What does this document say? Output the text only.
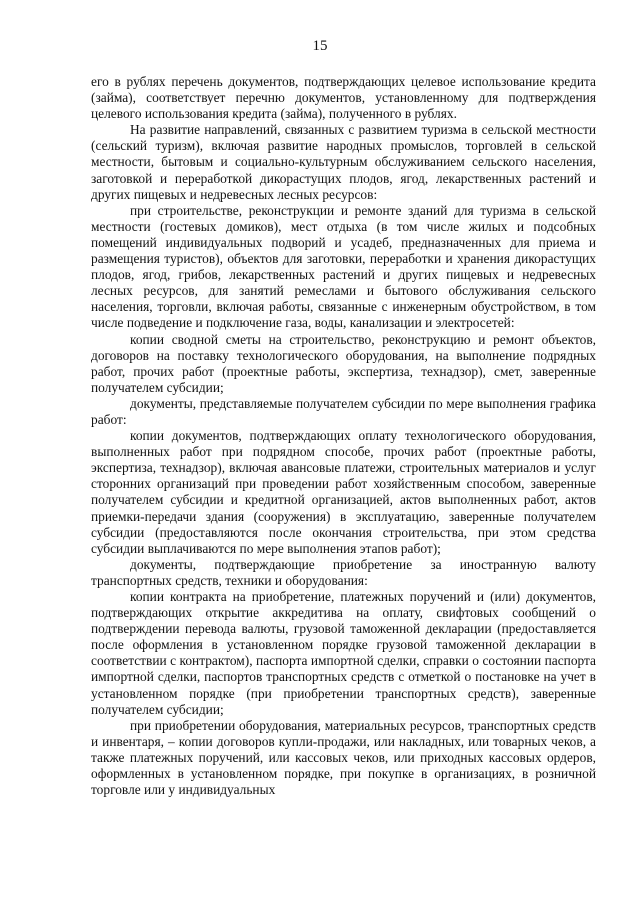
15

его в рублях перечень документов, подтверждающих целевое использование кредита (займа), соответствует перечню документов, установленному для подтверждения целевого использования кредита (займа), полученного в рублях.

На развитие направлений, связанных с развитием туризма в сельской местности (сельский туризм), включая развитие народных промыслов, торговлей в сельской местности, бытовым и социально-культурным обслуживанием сельского населения, заготовкой и переработкой дикорастущих плодов, ягод, лекарственных растений и других пищевых и недревесных лесных ресурсов:

при строительстве, реконструкции и ремонте зданий для туризма в сельской местности (гостевых домиков), мест отдыха (в том числе жилых и подсобных помещений индивидуальных подворий и усадеб, предназначенных для приема и размещения туристов), объектов для заготовки, переработки и хранения дикорастущих плодов, ягод, грибов, лекарственных растений и других пищевых и недревесных лесных ресурсов, для занятий ремеслами и бытового обслуживания сельского населения, торговли, включая работы, связанные с инженерным обустройством, в том числе подведение и подключение газа, воды, канализации и электросетей:

копии сводной сметы на строительство, реконструкцию и ремонт объектов, договоров на поставку технологического оборудования, на выполнение подрядных работ, прочих работ (проектные работы, экспертиза, технадзор), смет, заверенные получателем субсидии;

документы, представляемые получателем субсидии по мере выполнения графика работ:

копии документов, подтверждающих оплату технологического оборудования, выполненных работ при подрядном способе, прочих работ (проектные работы, экспертиза, технадзор), включая авансовые платежи, строительных материалов и услуг сторонних организаций при проведении работ хозяйственным способом, заверенные получателем субсидии и кредитной организацией, актов выполненных работ, актов приемки-передачи здания (сооружения) в эксплуатацию, заверенные получателем субсидии (предоставляются после окончания строительства, при этом средства субсидии выплачиваются по мере выполнения этапов работ);

документы, подтверждающие приобретение за иностранную валюту транспортных средств, техники и оборудования:

копии контракта на приобретение, платежных поручений и (или) документов, подтверждающих открытие аккредитива на оплату, свифтовых сообщений о подтверждении перевода валюты, грузовой таможенной декларации (предоставляется после оформления в установленном порядке грузовой таможенной декларации в соответствии с контрактом), паспорта импортной сделки, справки о состоянии паспорта импортной сделки, паспортов транспортных средств с отметкой о постановке на учет в установленном порядке (при приобретении транспортных средств), заверенные получателем субсидии;

при приобретении оборудования, материальных ресурсов, транспортных средств и инвентаря, – копии договоров купли-продажи, или накладных, или товарных чеков, а также платежных поручений, или кассовых чеков, или приходных кассовых ордеров, оформленных в установленном порядке, при покупке в организациях, в розничной торговле или у индивидуальных
